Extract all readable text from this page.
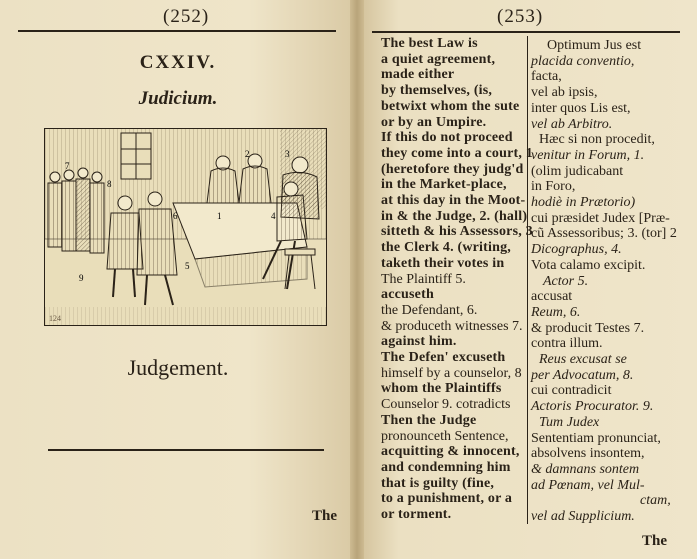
(252)
CXXIV.
Judicium.
1
2	3
4
5
6
7
8
9
124
Judgement.
The
(253)
The best Law is
a quiet agreement,
made either
by themselves, (is,
betwixt whom the sute
or by an Umpire.
If this do not proceed
they come into a court, 1
(heretofore they judg'd
in the Market-place,
at this day in the Moot-
in & the Judge, 2. (hall)
sitteth & his Assessors, 3
the Clerk 4. (writing,
taketh their votes in
The Plaintiff 5.
accuseth
the Defendant, 6.
& produceth witnesses 7.
against him.
The Defen' excuseth
himself by a counselor, 8
whom the Plaintiffs
Counselor 9. cotradicts
Then the Judge
pronounceth Sentence,
acquitting & innocent,
and condemning him
that is guilty (fine,
to a punishment, or a
or torment.
Optimum Jus est
placida conventio,
facta,
vel ab ipsis,
inter quos Lis est,
vel ab Arbitro.
Hæc si non procedit,
venitur in Forum, 1.
(olim judicabant
in Foro,
hodiè in Prætorio)
cui præsidet Judex [Præ-
cũ Assessoribus; 3. (tor] 2
Dicographus, 4.
Vota calamo excipit.
Actor 5.
accusat
Reum, 6.
& producit Testes 7.
contra illum.
Reus excusat se
per Advocatum, 8.
cui contradicit
Actoris Procurator. 9.
Tum Judex
Sententiam pronunciat,
absolvens insontem,
& damnans sontem
ad Pœnam, vel Mul-
ctam,
vel ad Supplicium.
The
